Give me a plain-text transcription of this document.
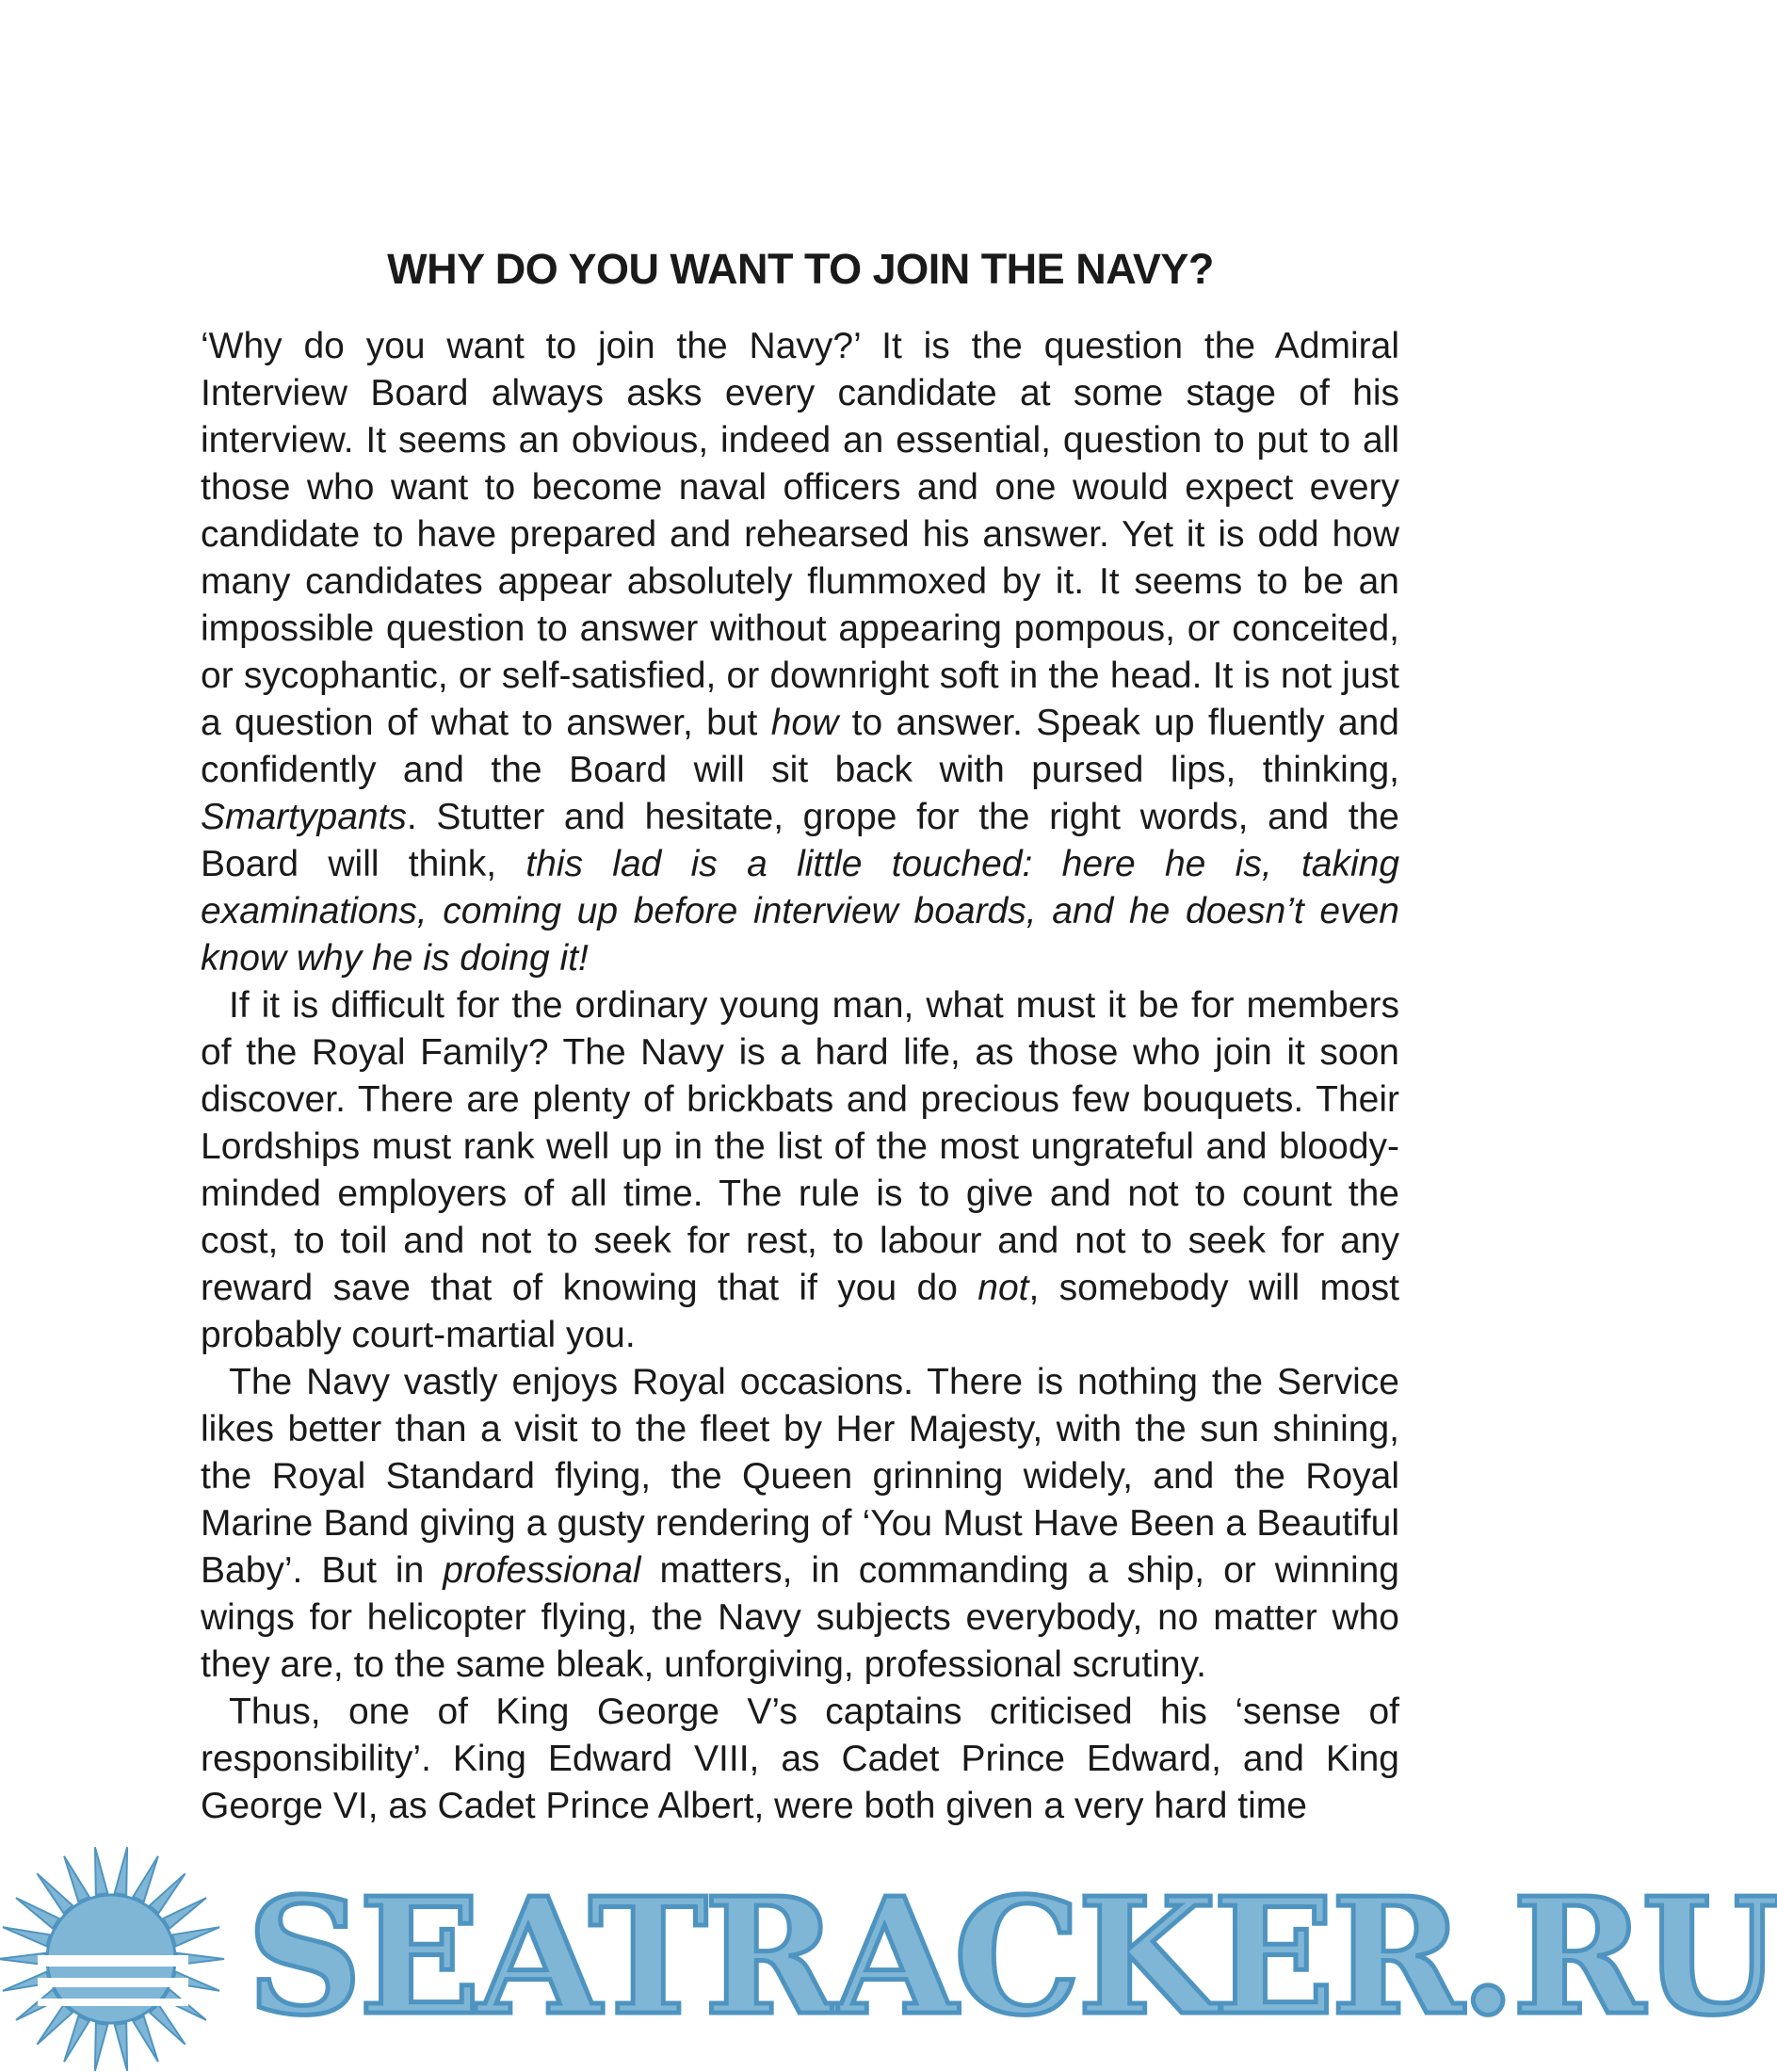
WHY DO YOU WANT TO JOIN THE NAVY?

‘Why do you want to join the Navy?’ It is the question the Admiral Interview Board always asks every candidate at some stage of his interview. It seems an obvious, indeed an essential, question to put to all those who want to become naval officers and one would expect every candidate to have prepared and rehearsed his answer. Yet it is odd how many candidates appear absolutely flummoxed by it. It seems to be an impossible question to answer without appearing pompous, or conceited, or sycophantic, or self-satisfied, or downright soft in the head. It is not just a question of what to answer, but how to answer. Speak up fluently and confidently and the Board will sit back with pursed lips, thinking, Smartypants. Stutter and hesitate, grope for the right words, and the Board will think, this lad is a little touched: here he is, taking examinations, coming up before interview boards, and he doesn’t even know why he is doing it!

If it is difficult for the ordinary young man, what must it be for members of the Royal Family? The Navy is a hard life, as those who join it soon discover. There are plenty of brickbats and precious few bouquets. Their Lordships must rank well up in the list of the most ungrateful and bloody-minded employers of all time. The rule is to give and not to count the cost, to toil and not to seek for rest, to labour and not to seek for any reward save that of knowing that if you do not, somebody will most probably court-martial you.

The Navy vastly enjoys Royal occasions. There is nothing the Service likes better than a visit to the fleet by Her Majesty, with the sun shining, the Royal Standard flying, the Queen grinning widely, and the Royal Marine Band giving a gusty rendering of ‘You Must Have Been a Beautiful Baby’. But in professional matters, in commanding a ship, or winning wings for helicopter flying, the Navy subjects everybody, no matter who they are, to the same bleak, unforgiving, professional scrutiny.

Thus, one of King George V’s captains criticised his ‘sense of responsibility’. King Edward VIII, as Cadet Prince Edward, and King George VI, as Cadet Prince Albert, were both given a very hard time

SEATRACKER.RU
